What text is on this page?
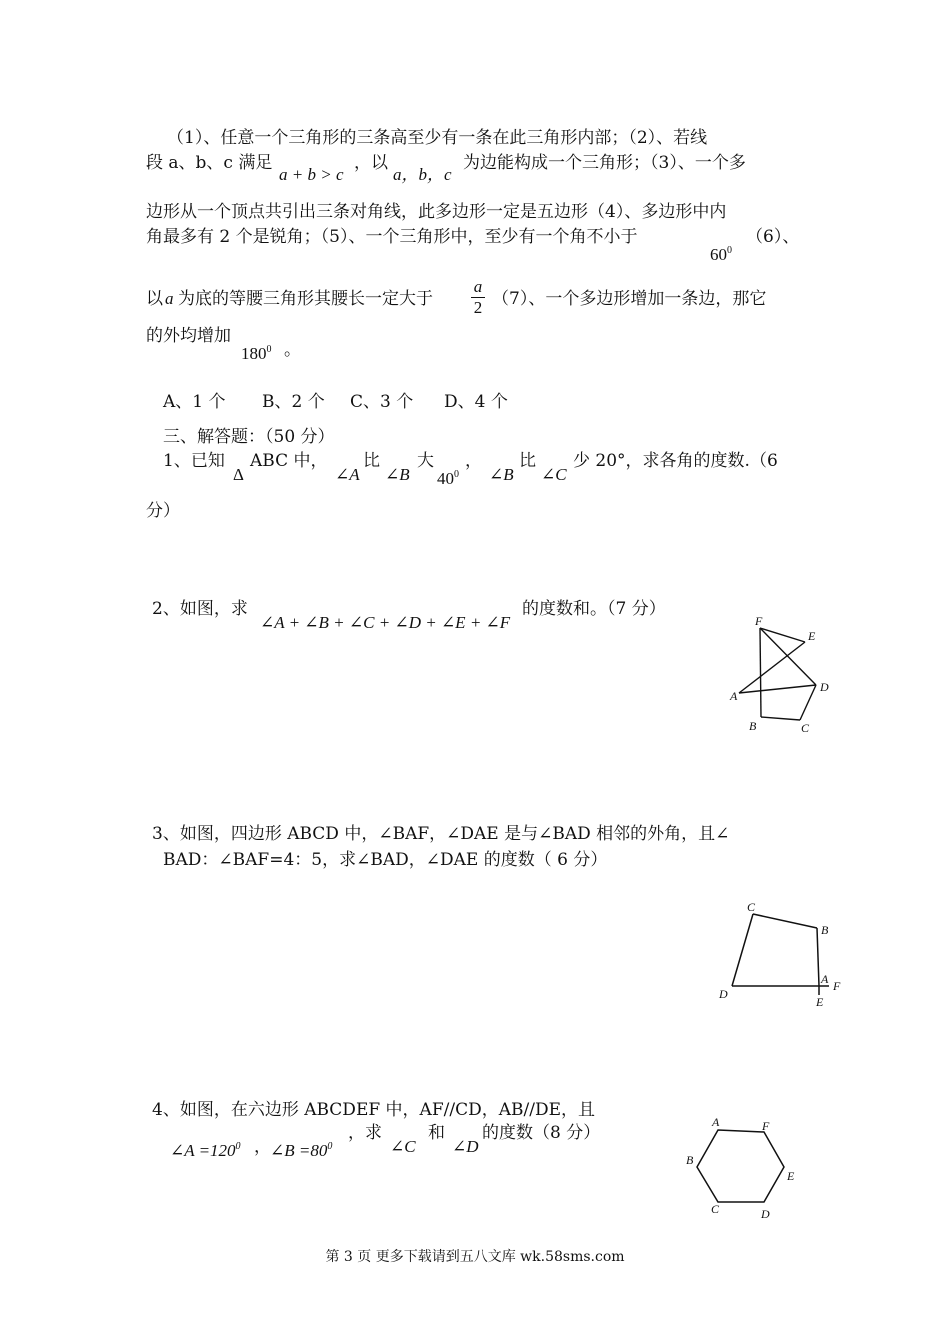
（1）、任意一个三角形的三条高至少有一条在此三角形内部；（2）、若线
段 a、b、c 满足
a + b > c
，以
a，b，c
为边能构成一个三角形；（3）、一个多
边形从一个顶点共引出三条对角线，此多边形一定是五边形（4）、多边形中内
角最多有 2 个是锐角；（5）、一个三角形中，至少有一个角不小于
$60^0$
（6）、
以 a 为底的等腰三角形其腰长一定大于
a
2 （7）、一个多边形增加一条边，那它
的外均增加
$180^0$ 。
A、1 个 B、2 个 C、3 个 D、4 个
三、解答题：（50 分）
1、已知
Δ
ABC 中，
∠A
比
∠B
大
$40^0$
，
∠B
比
∠C
少 20°，求各角的度数.（6
分）
2、如图，求
∠A + ∠B + ∠C + ∠D + ∠E + ∠F
的度数和。（7 分）
F
E
A
D
B	C
3、如图，四边形 ABCD 中，∠BAF，∠DAE 是与∠BAD 相邻的外角，且∠
BAD：∠BAF=4：5，求∠BAD，∠DAE 的度数（ 6 分）
C
B
A F
D
E
4、如图，在六边形 ABCDEF 中，AF//CD，AB//DE，且
∠A $=120^0$ ， ∠B $=80^0$
，求
∠C
和
∠D
的度数（8 分）
A	F
B
E
C	D
第 3 页 更多下载请到五八文库 wk.58sms.com
